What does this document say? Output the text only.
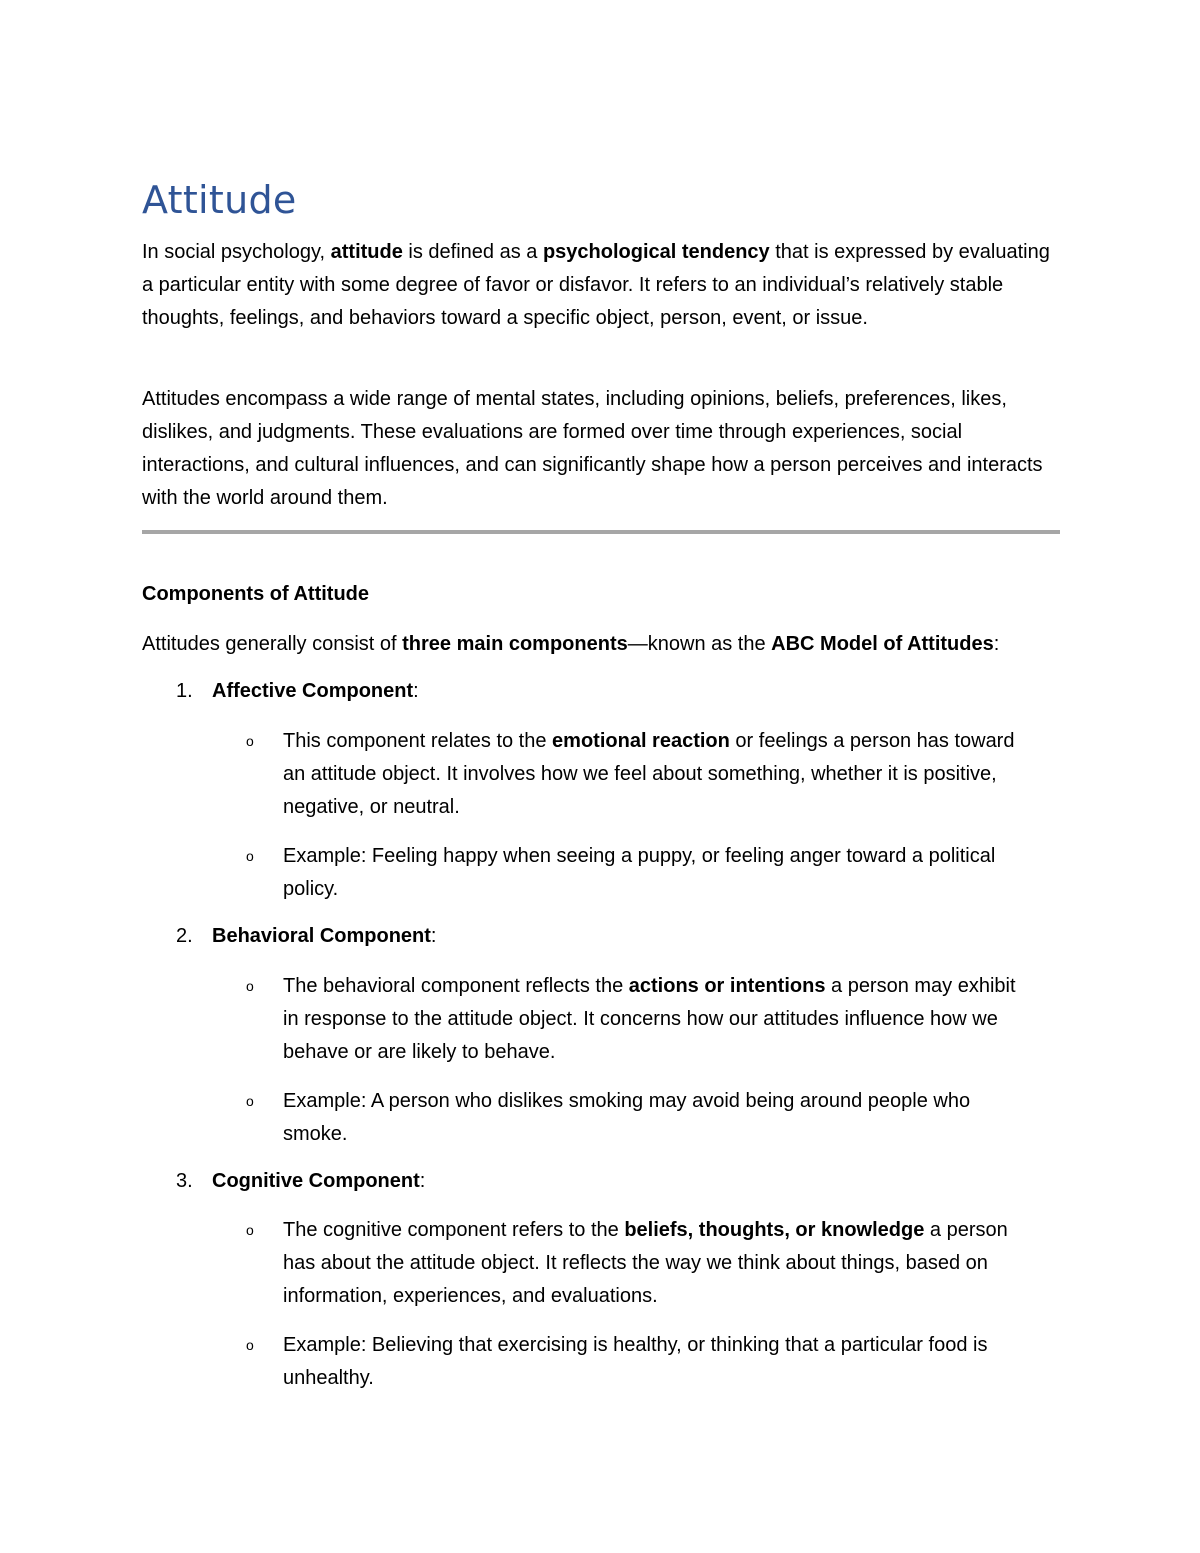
Attitude

In social psychology, attitude is defined as a psychological tendency that is expressed by evaluating a particular entity with some degree of favor or disfavor. It refers to an individual’s relatively stable thoughts, feelings, and behaviors toward a specific object, person, event, or issue.

Attitudes encompass a wide range of mental states, including opinions, beliefs, preferences, likes, dislikes, and judgments. These evaluations are formed over time through experiences, social interactions, and cultural influences, and can significantly shape how a person perceives and interacts with the world around them.

Components of Attitude

Attitudes generally consist of three main components—known as the ABC Model of Attitudes:

1. Affective Component:
o This component relates to the emotional reaction or feelings a person has toward an attitude object. It involves how we feel about something, whether it is positive, negative, or neutral.
o Example: Feeling happy when seeing a puppy, or feeling anger toward a political policy.
2. Behavioral Component:
o The behavioral component reflects the actions or intentions a person may exhibit in response to the attitude object. It concerns how our attitudes influence how we behave or are likely to behave.
o Example: A person who dislikes smoking may avoid being around people who smoke.
3. Cognitive Component:
o The cognitive component refers to the beliefs, thoughts, or knowledge a person has about the attitude object. It reflects the way we think about things, based on information, experiences, and evaluations.
o Example: Believing that exercising is healthy, or thinking that a particular food is unhealthy.
